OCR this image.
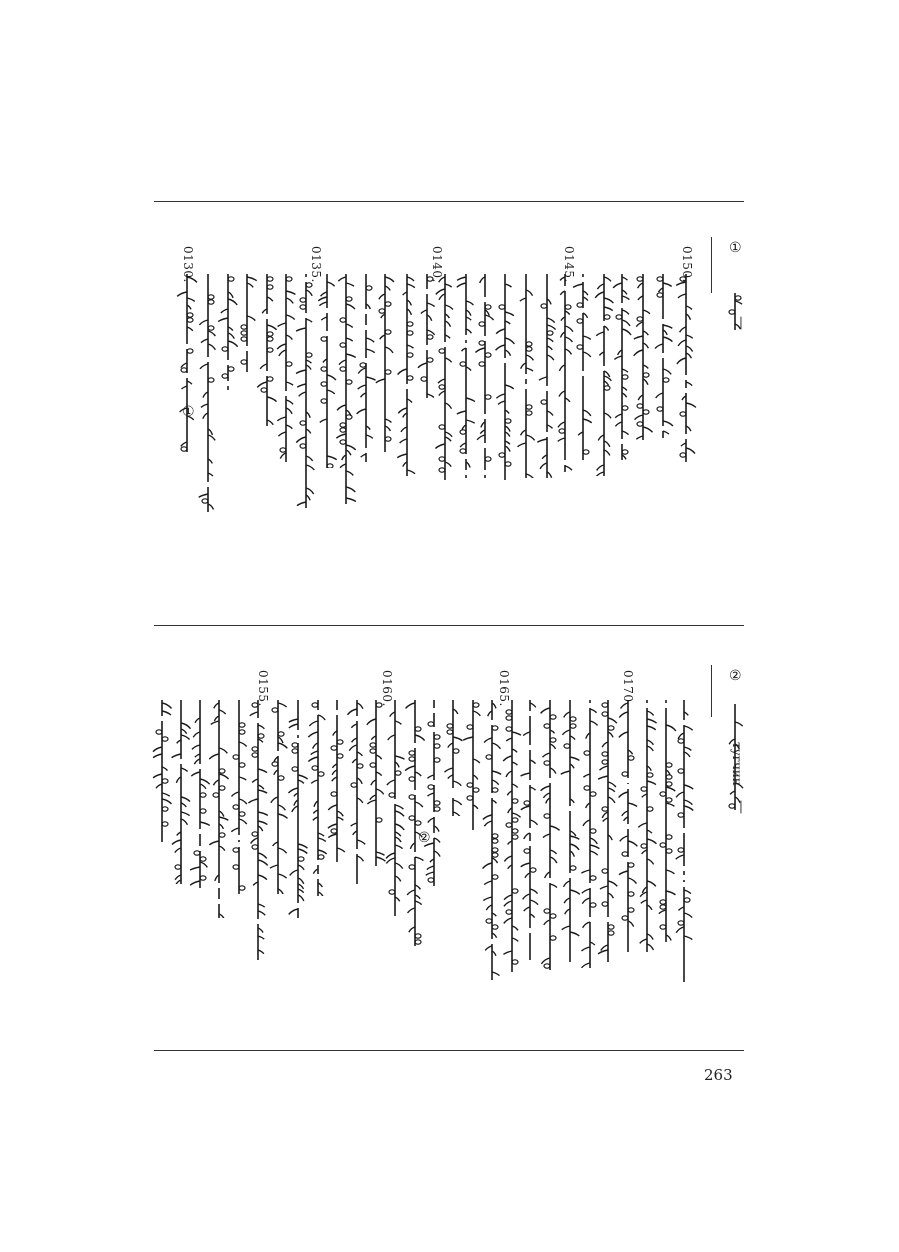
①
—
②
тугчин
—
0150.
0145.
0140.
0135.
0130.
0170.
0165.
0160.
0155.
①
②
263
